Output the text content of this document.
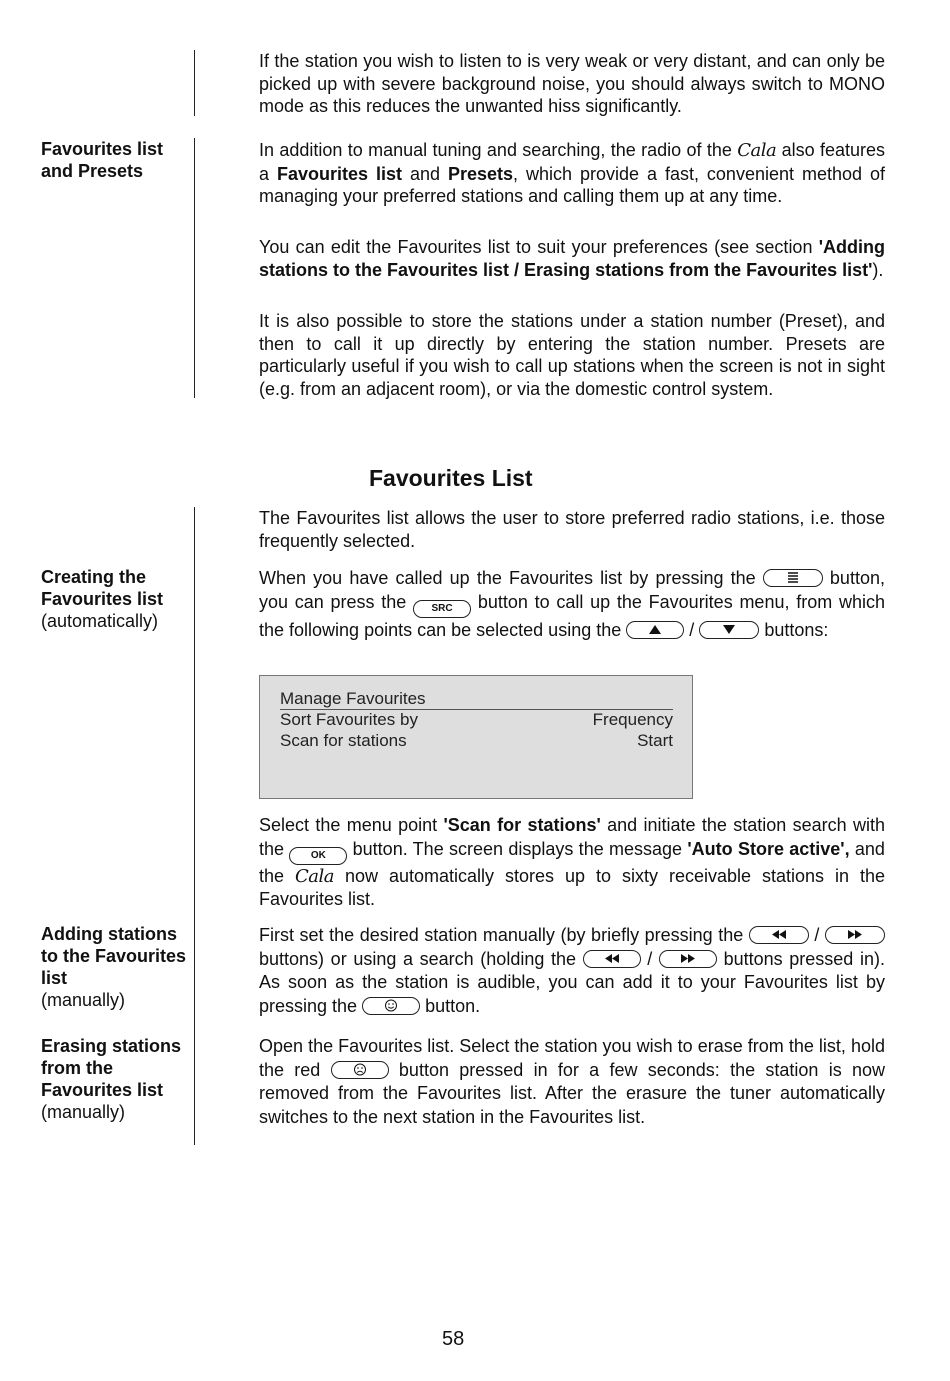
If the station you wish to listen to is very weak or very distant, and can only be picked up with severe background noise, you should always switch to MONO mode as this reduces the unwanted hiss significantly.

Favourites list and Presets

In addition to manual tuning and searching, the radio of the Cala also features a Favourites list and Presets, which provide a fast, convenient method of managing your preferred stations and calling them up at any time.

You can edit the Favourites list to suit your preferences (see section 'Adding stations to the Favourites list / Erasing stations from the Favourites list').

It is also possible to store the stations under a station number (Preset), and then to call it up directly by entering the station number. Presets are particularly useful if you wish to call up stations when the screen is not in sight (e.g. from an adjacent room), or via the domestic control system.

Favourites List

The Favourites list allows the user to store preferred radio stations, i.e. those frequently selected.

Creating the Favourites list
(automatically)

When you have called up the Favourites list by pressing the	button, you can press the	SRC	button to call up the Favourites menu, from which the following points can be selected using the	/	buttons:

Manage Favourites
Sort Favourites by	Frequency
Scan for stations	Start

Select the menu point 'Scan for stations' and initiate the station search with the	OK	button. The screen displays the message 'Auto Store active', and the Cala now automatically stores up to sixty receivable stations in the Favourites list.

Adding stations to the Favourites list
(manually)

First set the desired station manually (by briefly pressing the	/
buttons) or using a search (holding the	/	buttons pressed in). As soon as the station is audible, you can add it to your Favourites list by pressing the	button.

Erasing stations from the Favourites list
(manually)

Open the Favourites list. Select the station you wish to erase from the list, hold the red	button pressed in for a few seconds: the station is now removed from the Favourites list. After the erasure the tuner automatically switches to the next station in the Favourites list.

58
